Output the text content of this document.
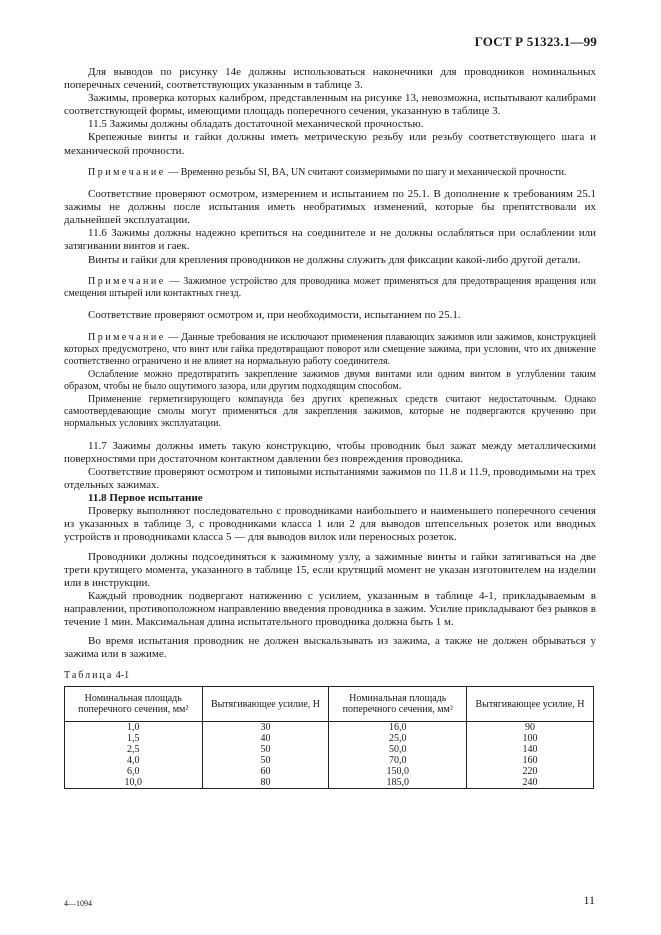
ГОСТ Р 51323.1—99

Для выводов по рисунку 14е должны использоваться наконечники для проводников номинальных поперечных сечений, соответствующих указанным в таблице 3.

Зажимы, проверка которых калибром, представленным на рисунке 13, невозможна, испытывают калибрами соответствующей формы, имеющими площадь поперечного сечения, указанную в таблице 3.

11.5 Зажимы должны обладать достаточной механической прочностью.

Крепежные винты и гайки должны иметь метрическую резьбу или резьбу соответствующего шага и механической прочности.

Примечание — Временно резьбы SI, BA, UN считают соизмеримыми по шагу и механической прочности.

Соответствие проверяют осмотром, измерением и испытанием по 25.1. В дополнение к требованиям 25.1 зажимы не должны после испытания иметь необратимых изменений, которые бы препятствовали их дальнейшей эксплуатации.

11.6 Зажимы должны надежно крепиться на соединителе и не должны ослабляться при ослаблении или затягивании винтов и гаек.

Винты и гайки для крепления проводников не должны служить для фиксации какой-либо другой детали.

Примечание — Зажимное устройство для проводника может применяться для предотвращения вращения или смещения штырей или контактных гнезд.

Соответствие проверяют осмотром и, при необходимости, испытанием по 25.1.

Примечание — Данные требования не исключают применения плавающих зажимов или зажимов, конструкцией которых предусмотрено, что винт или гайка предотвращают поворот или смещение зажима, при условии, что их движение соответственно ограничено и не влияет на нормальную работу соединителя.

Ослабление можно предотвратить закрепление зажимов двумя винтами или одним винтом в углублении таким образом, чтобы не было ощутимого зазора, или другим подходящим способом.

Применение герметизирующего компаунда без других крепежных средств считают недостаточным. Однако самоотвердевающие смолы могут применяться для закрепления зажимов, которые не подвергаются кручению при нормальных условиях эксплуатации.

11.7 Зажимы должны иметь такую конструкцию, чтобы проводник был зажат между металлическими поверхностями при достаточном контактном давлении без повреждения проводника.

Соответствие проверяют осмотром и типовыми испытаниями зажимов по 11.8 и 11.9, проводимыми на трех отдельных зажимах.

11.8 Первое испытание

Проверку выполняют последовательно с проводниками наибольшего и наименьшего поперечного сечения из указанных в таблице 3, с проводниками класса 1 или 2 для выводов штепсельных розеток или вводных устройств и проводниками класса 5 — для выводов вилок или переносных розеток.

Проводники должны подсоединяться к зажимному узлу, а зажимные винты и гайки затягиваться на две трети крутящего момента, указанного в таблице 15, если крутящий момент не указан изготовителем на изделии или в инструкции.

Каждый проводник подвергают натяжению с усилием, указанным в таблице 4-1, прикладываемым в направлении, противоположном направлению введения проводника в зажим. Усилие прикладывают без рывков в течение 1 мин. Максимальная длина испытательного проводника должна быть 1 м.

Во время испытания проводник не должен выскальзывать из зажима, а также не должен обрываться у зажима или в зажиме.

Таблица 4-1

Номинальная площадь поперечного сечения, мм²	Вытягивающее усилие, Н	Номинальная площадь поперечного сечения, мм²	Вытягивающее усилие, Н
1,0	30	16,0	90
1,5	40	25,0	100
2,5	50	50,0	140
4,0	50	70,0	160
6,0	60	150,0	220
10,0	80	185,0	240
4—1094	11
